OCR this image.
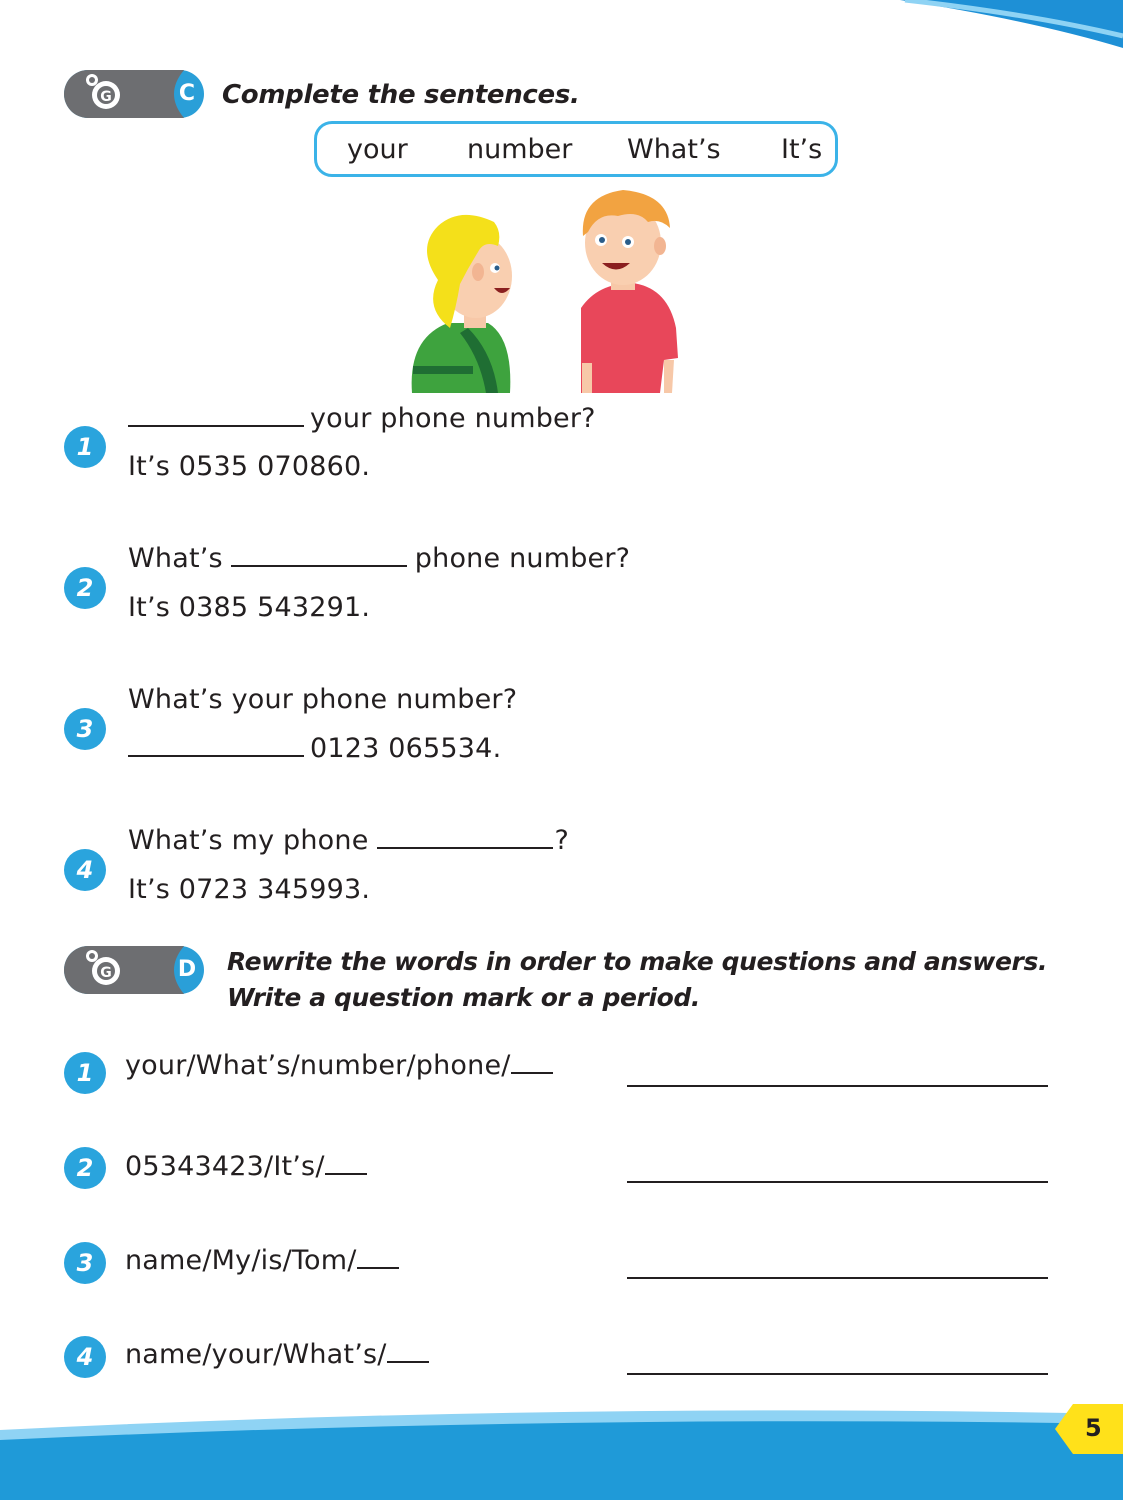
G	C Complete the sentences.
your number What’s It’s
1
your phone number?
It’s 0535 070860.
2
What’s	phone number?
It’s 0385 543291.
3
What’s your phone number?
0123 065534.
4
What’s my phone	?
It’s 0723 345993.
G	D Rewrite the words in order to make questions and answers.
Write a question mark or a period.
1	your/What’s/number/phone/
2	05343423/It’s/
3	name/My/is/Tom/
4	name/your/What’s/
5
